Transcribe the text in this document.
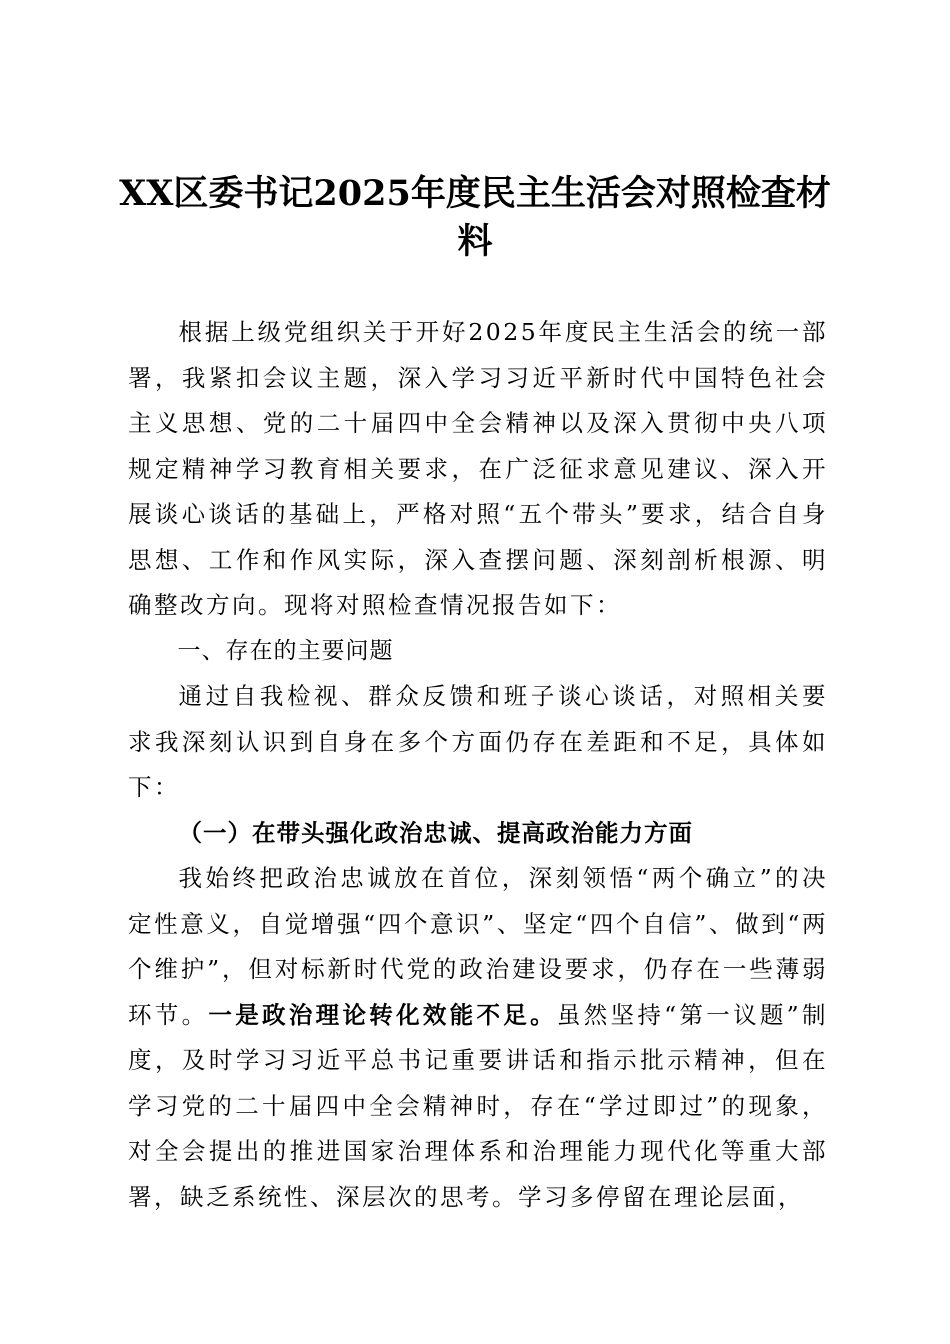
XX区委书记2025年度民主生活会对照检查材料

根据上级党组织关于开好2025年度民主生活会的统一部署，我紧扣会议主题，深入学习习近平新时代中国特色社会主义思想、党的二十届四中全会精神以及深入贯彻中央八项规定精神学习教育相关要求，在广泛征求意见建议、深入开展谈心谈话的基础上，严格对照“五个带头”要求，结合自身思想、工作和作风实际，深入查摆问题、深刻剖析根源、明确整改方向。现将对照检查情况报告如下：

一、存在的主要问题

通过自我检视、群众反馈和班子谈心谈话，对照相关要求我深刻认识到自身在多个方面仍存在差距和不足，具体如下：

（一）在带头强化政治忠诚、提高政治能力方面

我始终把政治忠诚放在首位，深刻领悟“两个确立”的决定性意义，自觉增强“四个意识”、坚定“四个自信”、做到“两个维护”，但对标新时代党的政治建设要求，仍存在一些薄弱环节。一是政治理论转化效能不足。虽然坚持“第一议题”制度，及时学习习近平总书记重要讲话和指示批示精神，但在学习党的二十届四中全会精神时，存在“学过即过”的现象，对全会提出的推进国家治理体系和治理能力现代化等重大部署，缺乏系统性、深层次的思考。学习多停留在理论层面，
